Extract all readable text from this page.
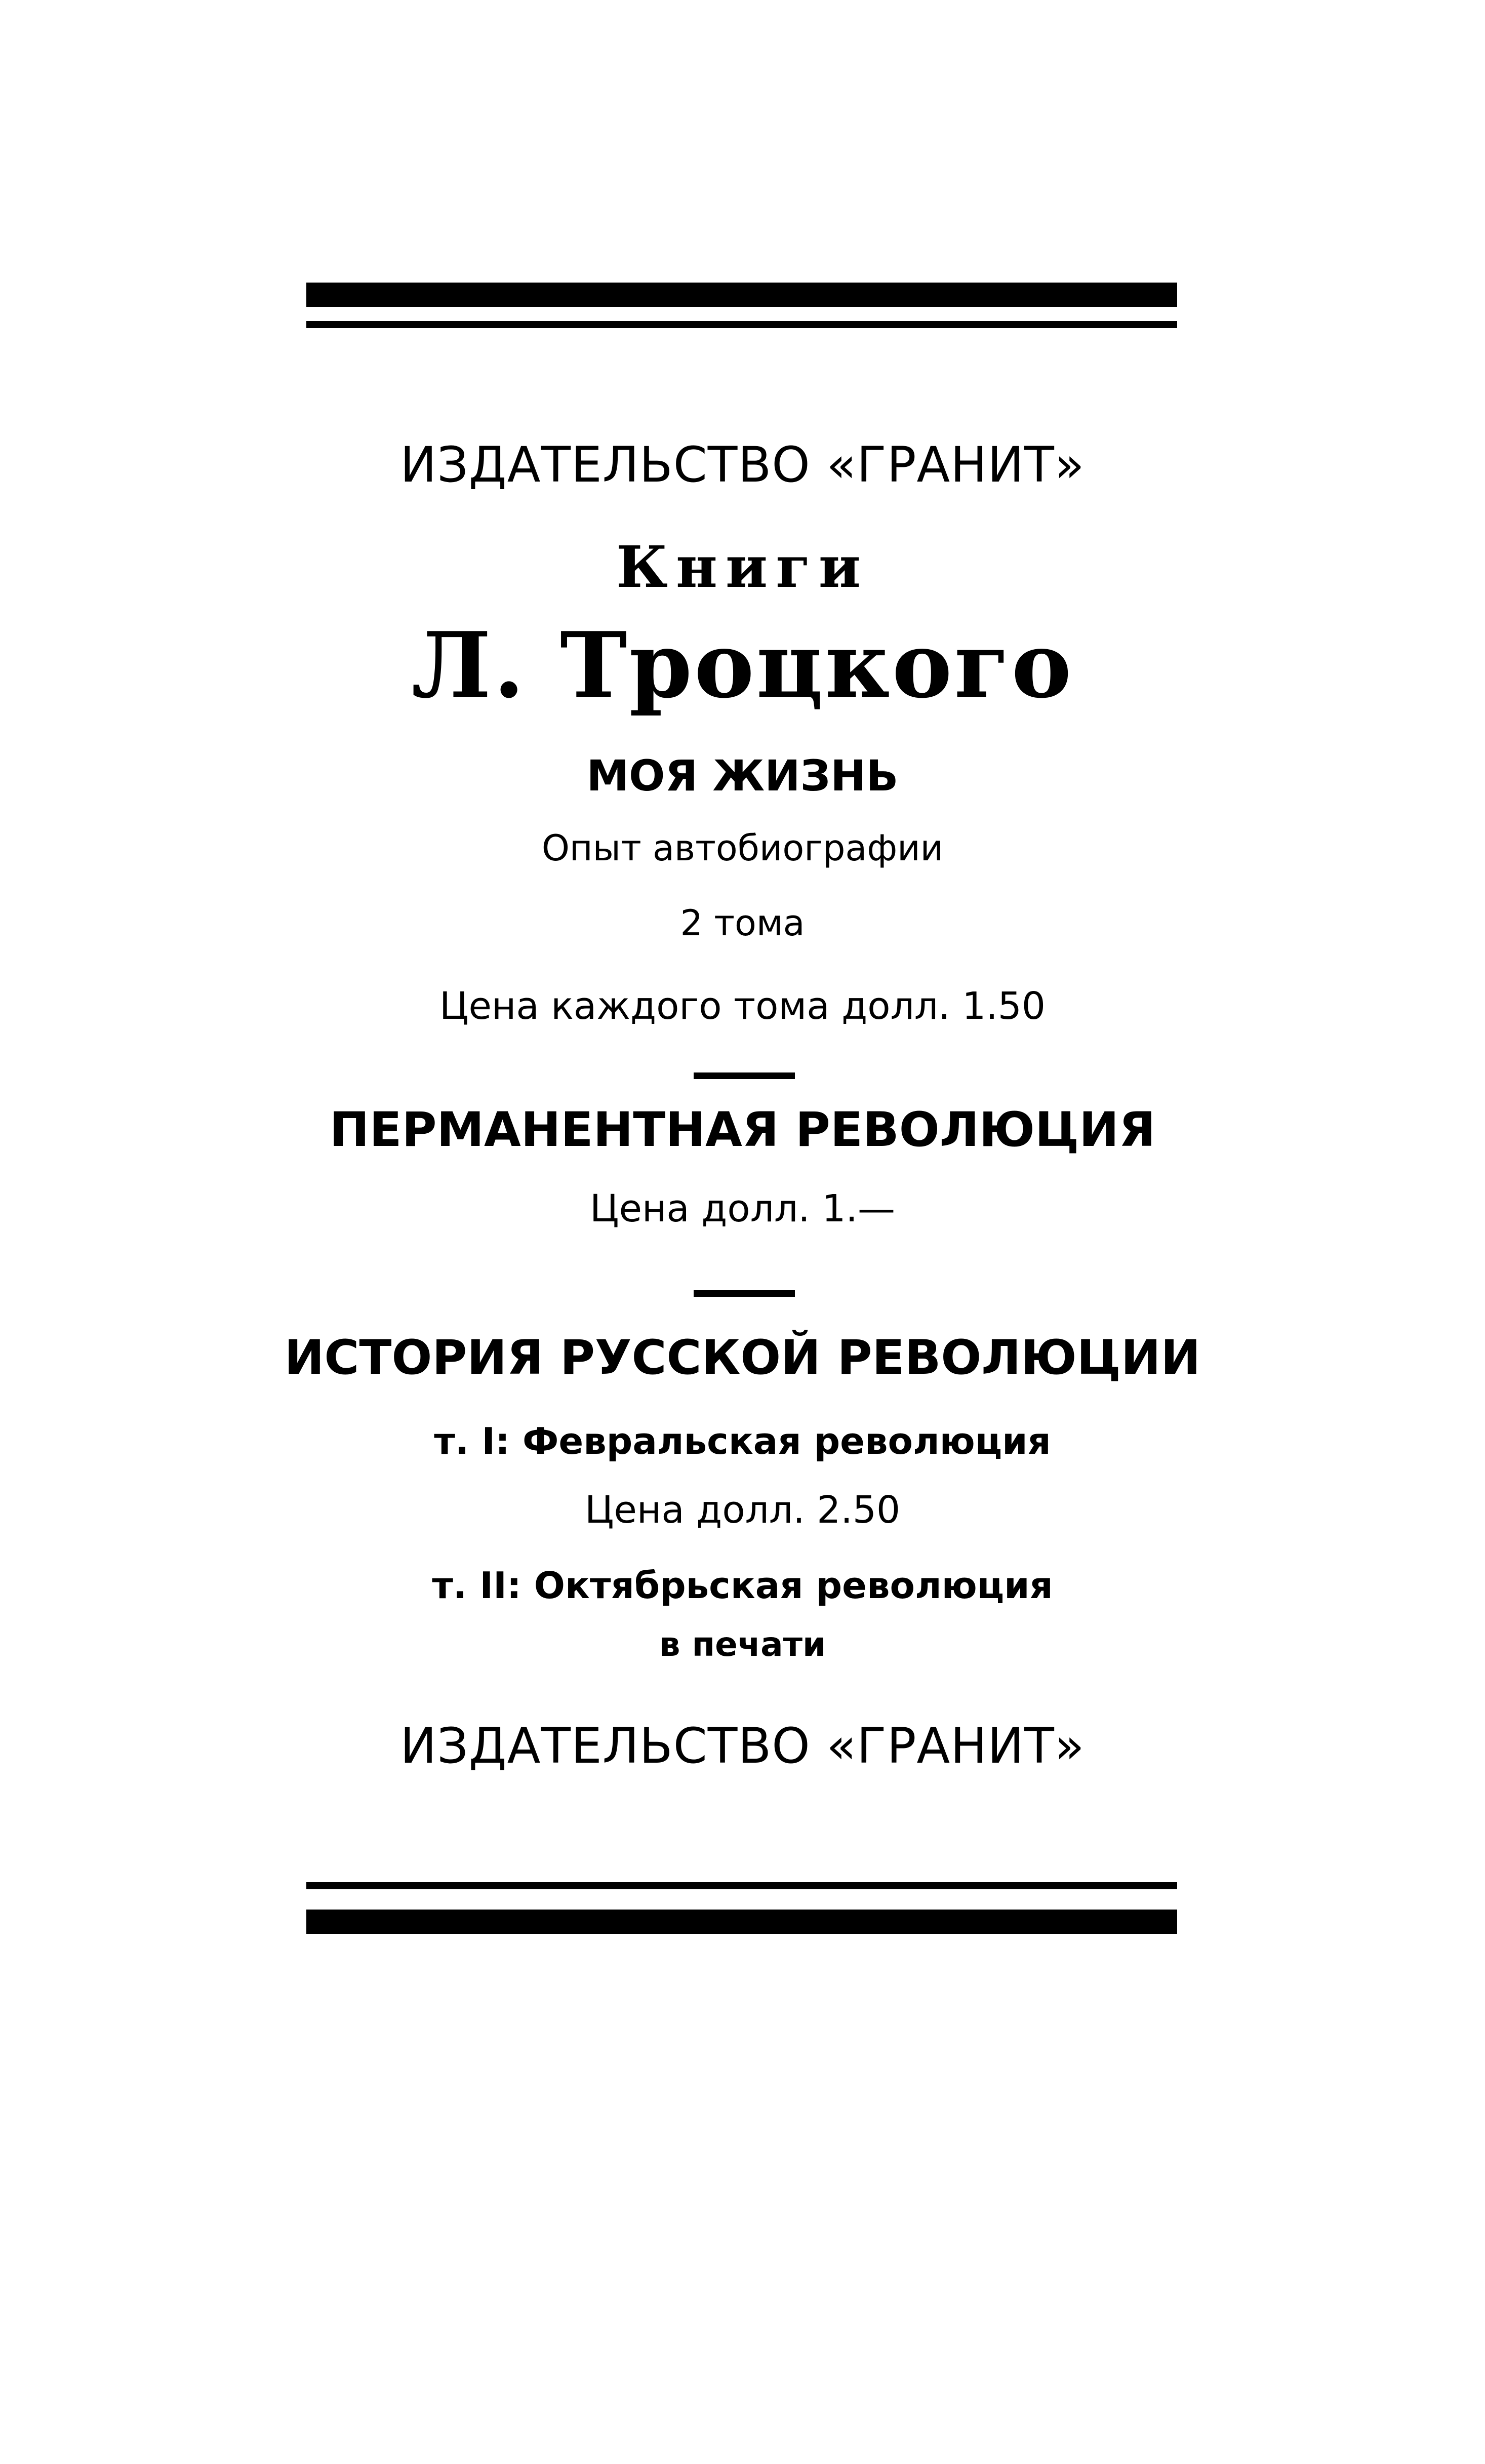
ИЗДАТЕЛЬСТВО «ГРАНИТ»
Книги
Л. Троцкого
МОЯ ЖИЗНЬ
Опыт автобиографии
2 тома
Цена каждого тома долл. 1.50
ПЕРМАНЕНТНАЯ РЕВОЛЮЦИЯ
Цена долл. 1.—
ИСТОРИЯ РУССКОЙ РЕВОЛЮЦИИ
т. I: Февральская революция
Цена долл. 2.50
т. II: Октябрьская революция
в печати
ИЗДАТЕЛЬСТВО «ГРАНИТ»
